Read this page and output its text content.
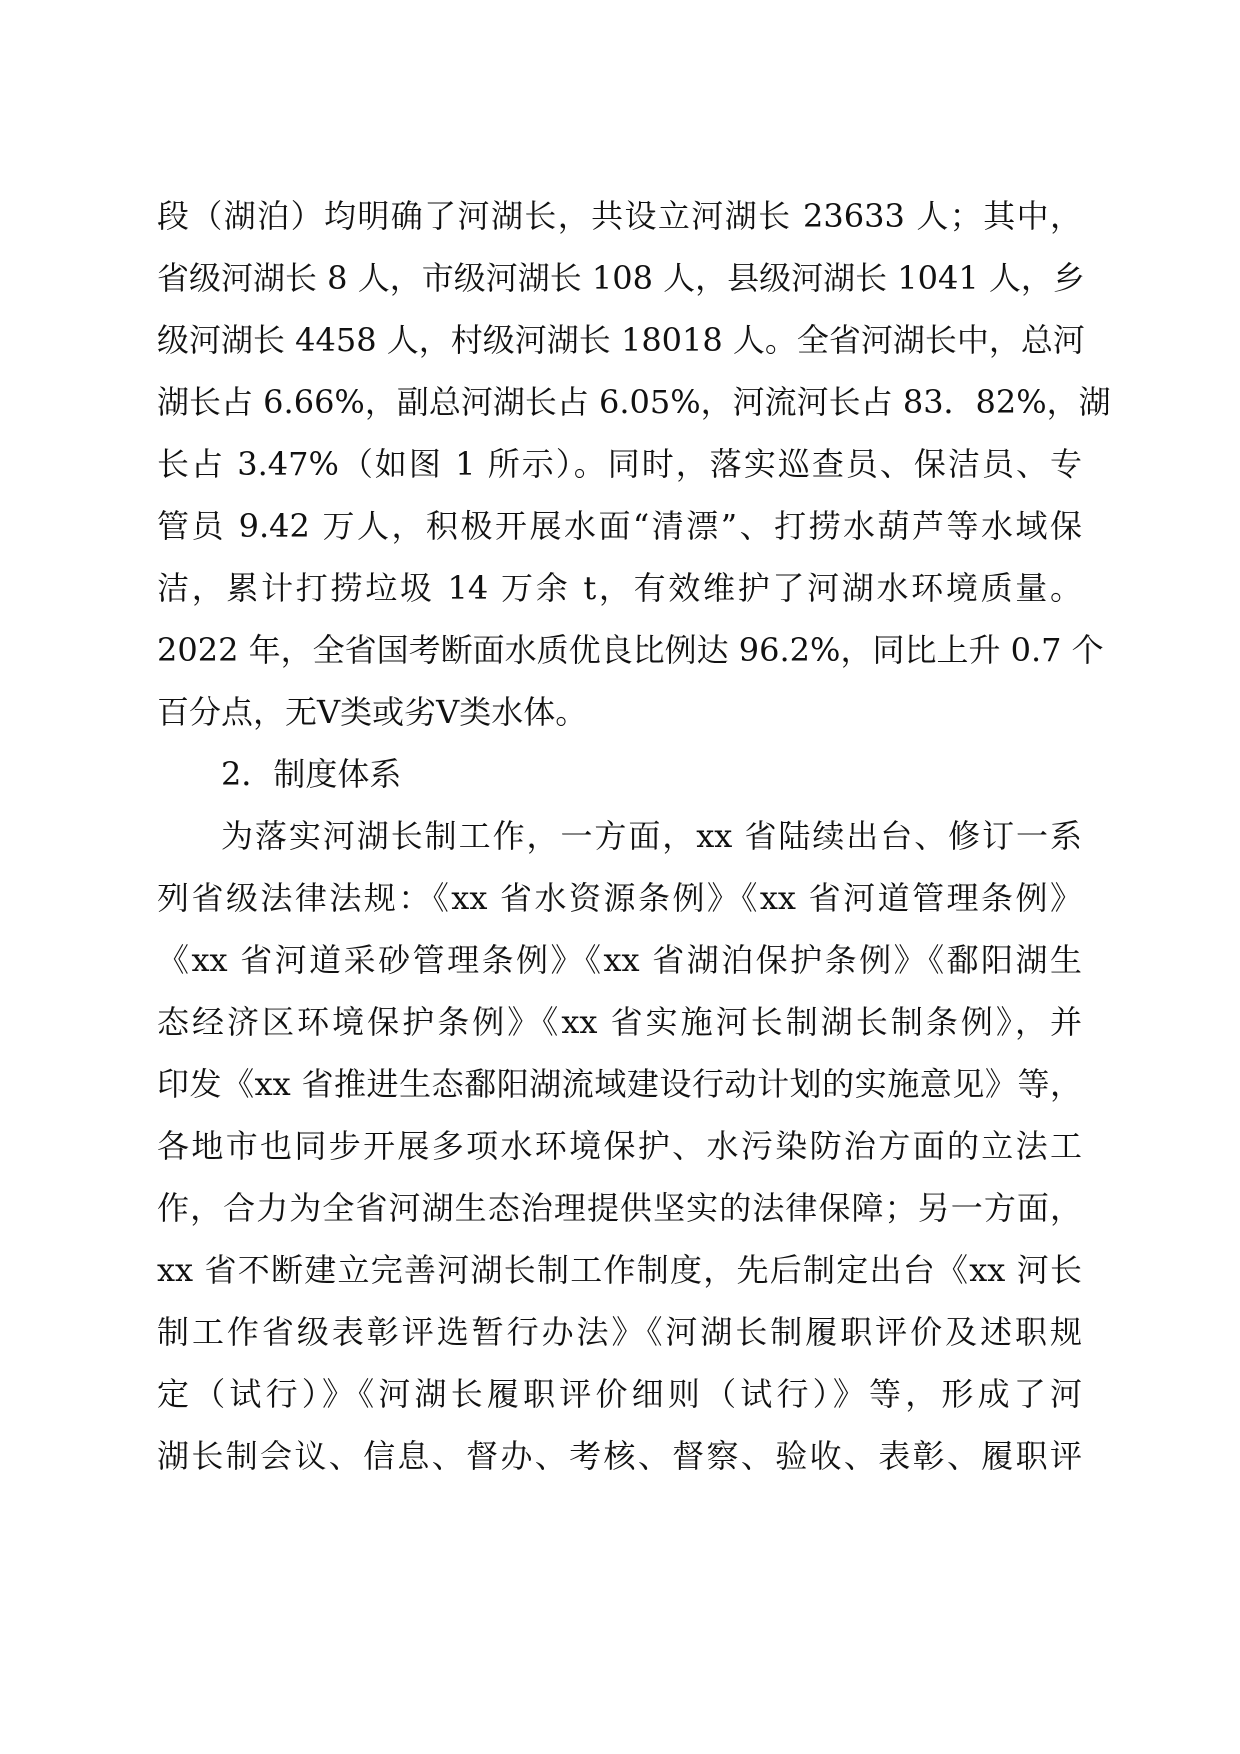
段（湖泊）均明确了河湖长，共设立河湖长 23633 人；其中，
省级河湖长 8 人，市级河湖长 108 人，县级河湖长 1041 人，乡
级河湖长 4458 人，村级河湖长 18018 人。全省河湖长中，总河
湖长占 6.66%，副总河湖长占 6.05%，河流河长占 83．82%，湖
长占 3.47%（如图 1 所示）。同时，落实巡查员、保洁员、专
管员 9.42 万人，积极开展水面“清漂”、打捞水葫芦等水域保
洁，累计打捞垃圾 14 万余 t，有效维护了河湖水环境质量。
2022 年，全省国考断面水质优良比例达 96.2%，同比上升 0.7 个
百分点，无Ⅴ类或劣Ⅴ类水体。
2．制度体系
为落实河湖长制工作，一方面，xx 省陆续出台、修订一系
列省级法律法规：《xx 省水资源条例》《xx 省河道管理条例》
《xx 省河道采砂管理条例》《xx 省湖泊保护条例》《鄱阳湖生
态经济区环境保护条例》《xx 省实施河长制湖长制条例》，并
印发《xx 省推进生态鄱阳湖流域建设行动计划的实施意见》等，
各地市也同步开展多项水环境保护、水污染防治方面的立法工
作，合力为全省河湖生态治理提供坚实的法律保障；另一方面，
xx 省不断建立完善河湖长制工作制度，先后制定出台《xx 河长
制工作省级表彰评选暂行办法》《河湖长制履职评价及述职规
定（试行）》《河湖长履职评价细则（试行）》等，形成了河
湖长制会议、信息、督办、考核、督察、验收、表彰、履职评
